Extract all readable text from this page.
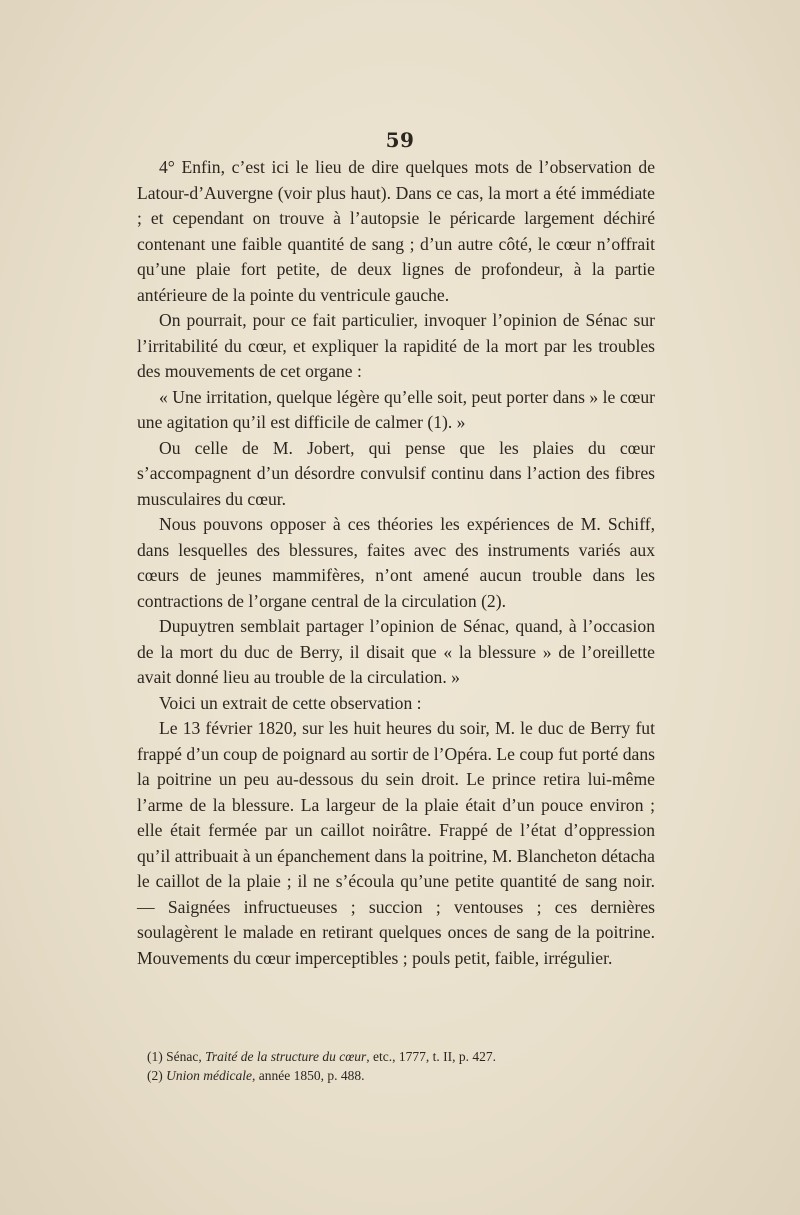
59

4° Enfin, c’est ici le lieu de dire quelques mots de l’observation de Latour-d’Auvergne (voir plus haut). Dans ce cas, la mort a été immédiate ; et cependant on trouve à l’autopsie le péricarde largement déchiré contenant une faible quantité de sang ; d’un autre côté, le cœur n’offrait qu’une plaie fort petite, de deux lignes de profondeur, à la partie antérieure de la pointe du ventricule gauche.

On pourrait, pour ce fait particulier, invoquer l’opinion de Sénac sur l’irritabilité du cœur, et expliquer la rapidité de la mort par les troubles des mouvements de cet organe :

« Une irritation, quelque légère qu’elle soit, peut porter dans » le cœur une agitation qu’il est difficile de calmer (1). »

Ou celle de M. Jobert, qui pense que les plaies du cœur s’accompagnent d’un désordre convulsif continu dans l’action des fibres musculaires du cœur.

Nous pouvons opposer à ces théories les expériences de M. Schiff, dans lesquelles des blessures, faites avec des instruments variés aux cœurs de jeunes mammifères, n’ont amené aucun trouble dans les contractions de l’organe central de la circulation (2).

Dupuytren semblait partager l’opinion de Sénac, quand, à l’occasion de la mort du duc de Berry, il disait que « la blessure » de l’oreillette avait donné lieu au trouble de la circulation. »

Voici un extrait de cette observation :

Le 13 février 1820, sur les huit heures du soir, M. le duc de Berry fut frappé d’un coup de poignard au sortir de l’Opéra. Le coup fut porté dans la poitrine un peu au-dessous du sein droit. Le prince retira lui-même l’arme de la blessure. La largeur de la plaie était d’un pouce environ ; elle était fermée par un caillot noirâtre. Frappé de l’état d’oppression qu’il attribuait à un épanchement dans la poitrine, M. Blancheton détacha le caillot de la plaie ; il ne s’écoula qu’une petite quantité de sang noir. — Saignées infructueuses ; succion ; ventouses ; ces dernières soulagèrent le malade en retirant quelques onces de sang de la poitrine. Mouvements du cœur imperceptibles ; pouls petit, faible, irrégulier.

(1) Sénac, Traité de la structure du cœur, etc., 1777, t. II, p. 427.
(2) Union médicale, année 1850, p. 488.
